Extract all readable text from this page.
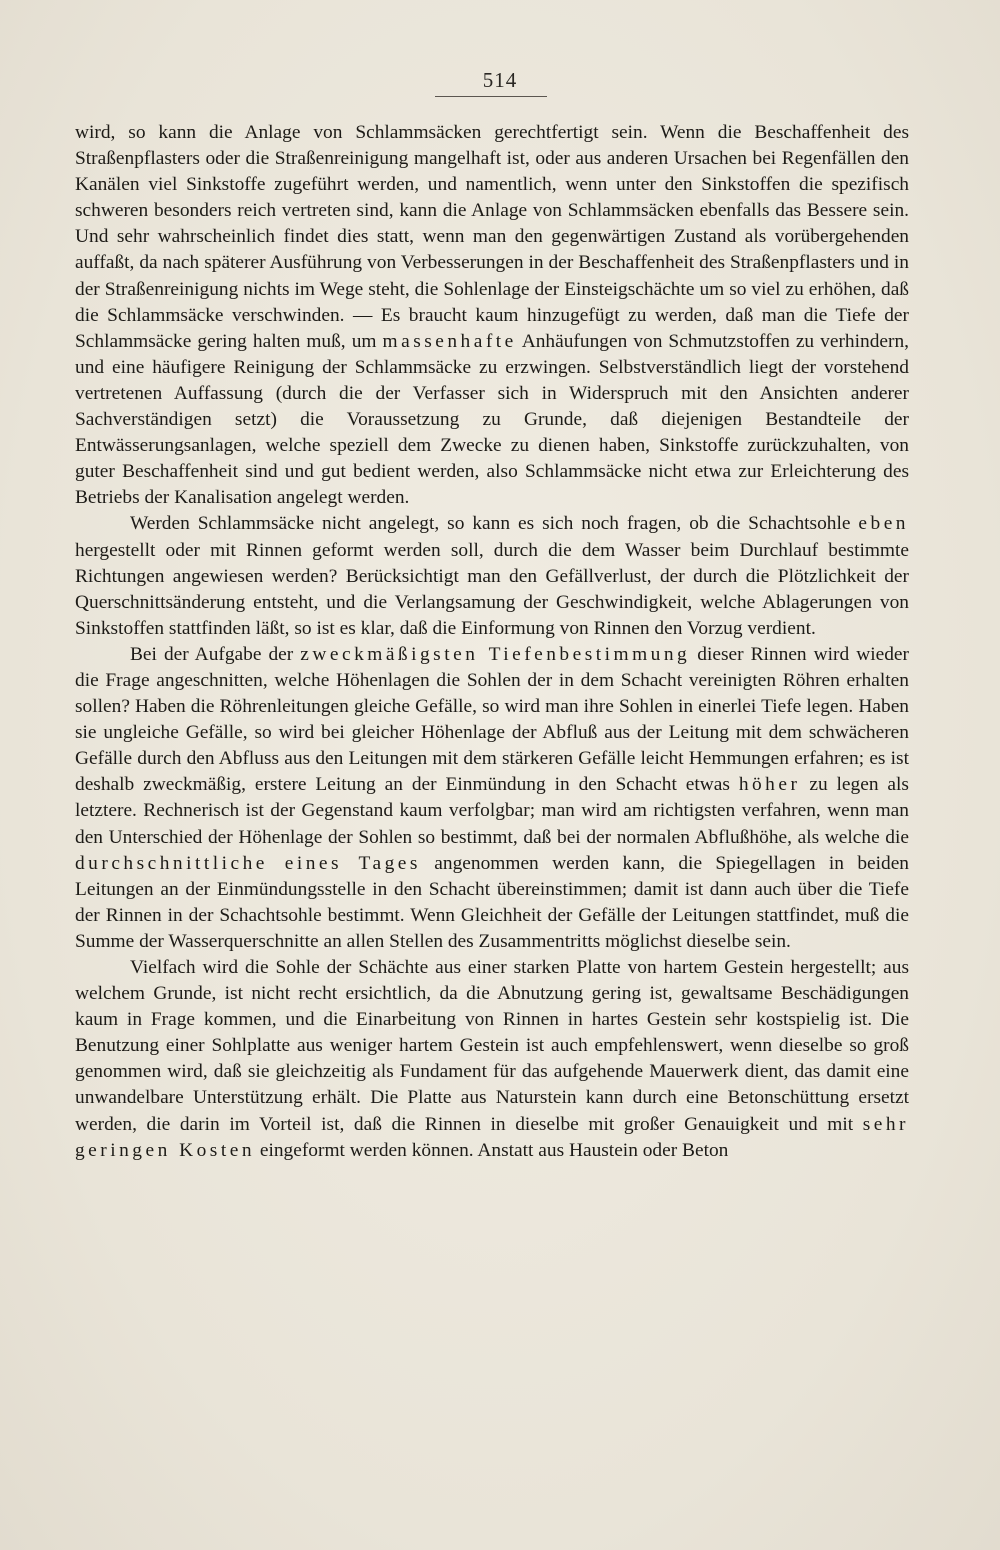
514

wird, so kann die Anlage von Schlammsäcken gerechtfertigt sein. Wenn die Beschaffenheit des Straßenpflasters oder die Straßenreinigung mangelhaft ist, oder aus anderen Ursachen bei Regenfällen den Kanälen viel Sinkstoffe zugeführt werden, und namentlich, wenn unter den Sinkstoffen die spezifisch schweren besonders reich vertreten sind, kann die Anlage von Schlammsäcken ebenfalls das Bessere sein. Und sehr wahrscheinlich findet dies statt, wenn man den gegenwärtigen Zustand als vorübergehenden auffaßt, da nach späterer Ausführung von Verbesserungen in der Beschaffenheit des Straßenpflasters und in der Straßenreinigung nichts im Wege steht, die Sohlenlage der Einsteigschächte um so viel zu erhöhen, daß die Schlammsäcke verschwinden. — Es braucht kaum hinzugefügt zu werden, daß man die Tiefe der Schlammsäcke gering halten muß, um massenhafte Anhäufungen von Schmutzstoffen zu verhindern, und eine häufigere Reinigung der Schlammsäcke zu erzwingen. Selbstverständlich liegt der vorstehend vertretenen Auffassung (durch die der Verfasser sich in Widerspruch mit den Ansichten anderer Sachverständigen setzt) die Voraussetzung zu Grunde, daß diejenigen Bestandteile der Entwässerungsanlagen, welche speziell dem Zwecke zu dienen haben, Sinkstoffe zurückzuhalten, von guter Beschaffenheit sind und gut bedient werden, also Schlammsäcke nicht etwa zur Erleichterung des Betriebs der Kanalisation angelegt werden.

Werden Schlammsäcke nicht angelegt, so kann es sich noch fragen, ob die Schachtsohle eben hergestellt oder mit Rinnen geformt werden soll, durch die dem Wasser beim Durchlauf bestimmte Richtungen angewiesen werden? Berücksichtigt man den Gefällverlust, der durch die Plötzlichkeit der Querschnittsänderung entsteht, und die Verlangsamung der Geschwindigkeit, welche Ablagerungen von Sinkstoffen stattfinden läßt, so ist es klar, daß die Einformung von Rinnen den Vorzug verdient.

Bei der Aufgabe der zweckmäßigsten Tiefenbestimmung dieser Rinnen wird wieder die Frage angeschnitten, welche Höhenlagen die Sohlen der in dem Schacht vereinigten Röhren erhalten sollen? Haben die Röhrenleitungen gleiche Gefälle, so wird man ihre Sohlen in einerlei Tiefe legen. Haben sie ungleiche Gefälle, so wird bei gleicher Höhenlage der Abfluß aus der Leitung mit dem schwächeren Gefälle durch den Abfluss aus den Leitungen mit dem stärkeren Gefälle leicht Hemmungen erfahren; es ist deshalb zweckmäßig, erstere Leitung an der Einmündung in den Schacht etwas höher zu legen als letztere. Rechnerisch ist der Gegenstand kaum verfolgbar; man wird am richtigsten verfahren, wenn man den Unterschied der Höhenlage der Sohlen so bestimmt, daß bei der normalen Abflußhöhe, als welche die durchschnittliche eines Tages angenommen werden kann, die Spiegellagen in beiden Leitungen an der Einmündungsstelle in den Schacht übereinstimmen; damit ist dann auch über die Tiefe der Rinnen in der Schachtsohle bestimmt. Wenn Gleichheit der Gefälle der Leitungen stattfindet, muß die Summe der Wasserquerschnitte an allen Stellen des Zusammentritts möglichst dieselbe sein.

Vielfach wird die Sohle der Schächte aus einer starken Platte von hartem Gestein hergestellt; aus welchem Grunde, ist nicht recht ersichtlich, da die Abnutzung gering ist, gewaltsame Beschädigungen kaum in Frage kommen, und die Einarbeitung von Rinnen in hartes Gestein sehr kostspielig ist. Die Benutzung einer Sohlplatte aus weniger hartem Gestein ist auch empfehlenswert, wenn dieselbe so groß genommen wird, daß sie gleichzeitig als Fundament für das aufgehende Mauerwerk dient, das damit eine unwandelbare Unterstützung erhält. Die Platte aus Naturstein kann durch eine Betonschüttung ersetzt werden, die darin im Vorteil ist, daß die Rinnen in dieselbe mit großer Genauigkeit und mit sehr geringen Kosten eingeformt werden können. Anstatt aus Haustein oder Beton
